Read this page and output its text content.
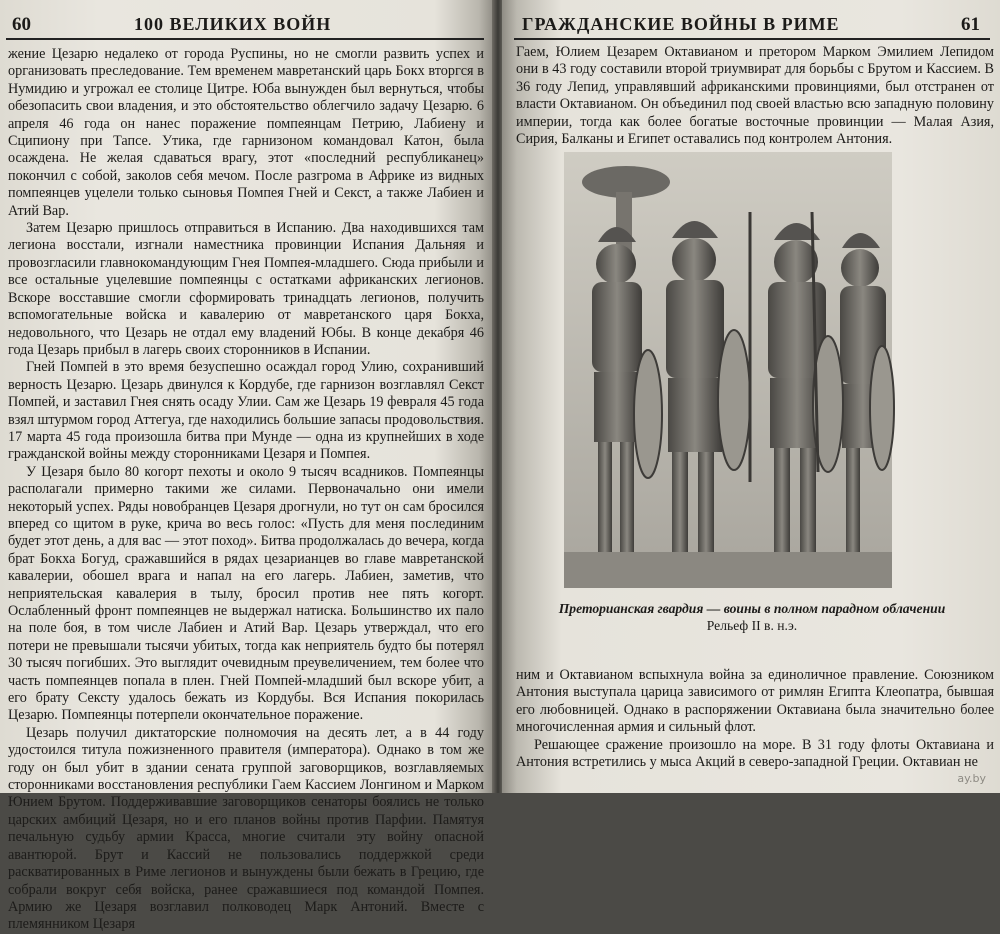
60	100 ВЕЛИКИХ ВОЙН

жение Цезарю недалеко от города Руспины, но не смогли развить успех и организовать преследование. Тем временем мавретанский царь Бокх вторгся в Нумидию и угрожал ее столице Цитре. Юба вынужден был вернуться, чтобы обезопасить свои владения, и это обстоятельство облегчило задачу Цезарю. 6 апреля 46 года он нанес поражение помпеянцам Петрию, Лабиену и Сципиону при Тапсе. Утика, где гарнизоном командовал Катон, была осаждена. Не желая сдаваться врагу, этот «последний республиканец» покончил с собой, заколов себя мечом. После разгрома в Африке из видных помпеянцев уцелели только сыновья Помпея Гней и Секст, а также Лабиен и Атий Вар.

Затем Цезарю пришлось отправиться в Испанию. Два находившихся там легиона восстали, изгнали наместника провинции Испания Дальняя и провозгласили главнокомандующим Гнея Помпея-младшего. Сюда прибыли и все остальные уцелевшие помпеянцы с остатками африканских легионов. Вскоре восставшие смогли сформировать тринадцать легионов, получить вспомогательные войска и кавалерию от мавретанского царя Бокха, недовольного, что Цезарь не отдал ему владений Юбы. В конце декабря 46 года Цезарь прибыл в лагерь своих сторонников в Испании.

Гней Помпей в это время безуспешно осаждал город Улию, сохранивший верность Цезарю. Цезарь двинулся к Кордубе, где гарнизон возглавлял Секст Помпей, и заставил Гнея снять осаду Улии. Сам же Цезарь 19 февраля 45 года взял штурмом город Аттегуа, где находились большие запасы продовольствия. 17 марта 45 года произошла битва при Мунде — одна из крупнейших в ходе гражданской войны между сторонниками Цезаря и Помпея.

У Цезаря было 80 когорт пехоты и около 9 тысяч всадников. Помпеянцы располагали примерно такими же силами. Первоначально они имели некоторый успех. Ряды новобранцев Цезаря дрогнули, но тут он сам бросился вперед со щитом в руке, крича во весь голос: «Пусть для меня послединим будет этот день, а для вас — этот поход». Битва продолжалась до вечера, когда брат Бокха Богуд, сражавшийся в рядах цезарианцев во главе мавретанской кавалерии, обошел врага и напал на его лагерь. Лабиен, заметив, что неприятельская кавалерия в тылу, бросил против нее пять когорт. Ослабленный фронт помпеянцев не выдержал натиска. Большинство их пало на поле боя, в том числе Лабиен и Атий Вар. Цезарь утверждал, что его потери не превышали тысячи убитых, тогда как неприятель будто бы потерял 30 тысяч погибших. Это выглядит очевидным преувеличением, тем более что часть помпеянцев попала в плен. Гней Помпей-младший был вскоре убит, а его брату Сексту удалось бежать из Кордубы. Вся Испания покорилась Цезарю. Помпеянцы потерпели окончательное поражение.

Цезарь получил диктаторские полномочия на десять лет, а в 44 году удостоился титула пожизненного правителя (императора). Однако в том же году он был убит в здании сената группой заговорщиков, возглавляемых сторонниками восстановления республики Гаем Кассием Лонгином и Марком Юнием Брутом. Поддерживавшие заговорщиков сенаторы боялись не только царских амбиций Цезаря, но и его планов войны против Парфии. Памятуя печальную судьбу армии Красса, многие считали эту войну опасной авантюрой. Брут и Кассий не пользовались поддержкой среди раскватированных в Риме легионов и вынуждены были бежать в Грецию, где собрали вокруг себя войска, ранее сражавшиеся под командой Помпея. Армию же Цезаря возглавил полководец Марк Антоний. Вместе с племянником Цезаря

ГРАЖДАНСКИЕ ВОЙНЫ В РИМЕ	61

Гаем, Юлием Цезарем Октавианом и претором Марком Эмилием Лепидом они в 43 году составили второй триумвират для борьбы с Брутом и Кассием. В 36 году Лепид, управлявший африканскими провинциями, был отстранен от власти Октавианом. Он объединил под своей властью всю западную половину империи, тогда как более богатые восточные провинции — Малая Азия, Сирия, Балканы и Египет оставались под контролем Антония.

Преторианская гвардия — воины в полном парадном облачении
Рельеф II в. н.э.

ним и Октавианом вспыхнула война за единоличное правление. Союзником Антония выступала царица зависимого от римлян Египта Клеопатра, бывшая его любовницей. Однако в распоряжении Октавиана была значительно более многочисленная армия и сильный флот.

Решающее сражение произошло на море. В 31 году флоты Октавиана и Антония встретились у мыса Акций в северо-западной Греции. Октавиан не

ay.by
